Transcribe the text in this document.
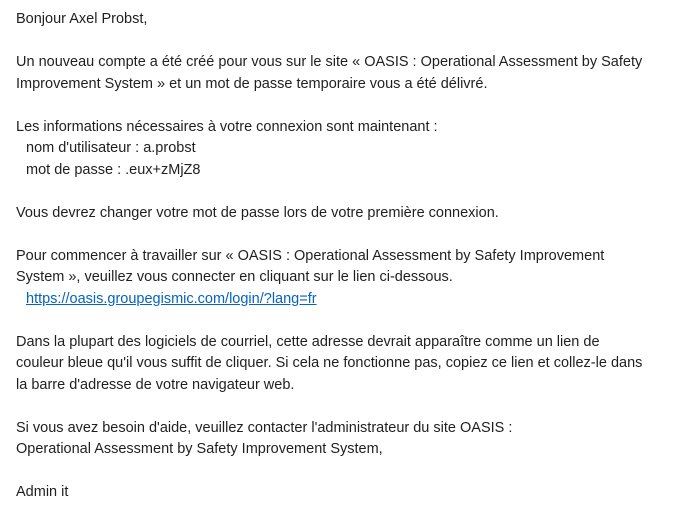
Bonjour Axel Probst,
Un nouveau compte a été créé pour vous sur le site « OASIS : Operational Assessment by Safety
Improvement System » et un mot de passe temporaire vous a été délivré.
Les informations nécessaires à votre connexion sont maintenant :
nom d'utilisateur : a.probst
mot de passe : .eux+zMjZ8
Vous devrez changer votre mot de passe lors de votre première connexion.
Pour commencer à travailler sur « OASIS : Operational Assessment by Safety Improvement
System », veuillez vous connecter en cliquant sur le lien ci-dessous.
https://oasis.groupegismic.com/login/?lang=fr
Dans la plupart des logiciels de courriel, cette adresse devrait apparaître comme un lien de
couleur bleue qu'il vous suffit de cliquer. Si cela ne fonctionne pas, copiez ce lien et collez-le dans
la barre d'adresse de votre navigateur web.
Si vous avez besoin d'aide, veuillez contacter l'administrateur du site OASIS :
Operational Assessment by Safety Improvement System,
Admin it
